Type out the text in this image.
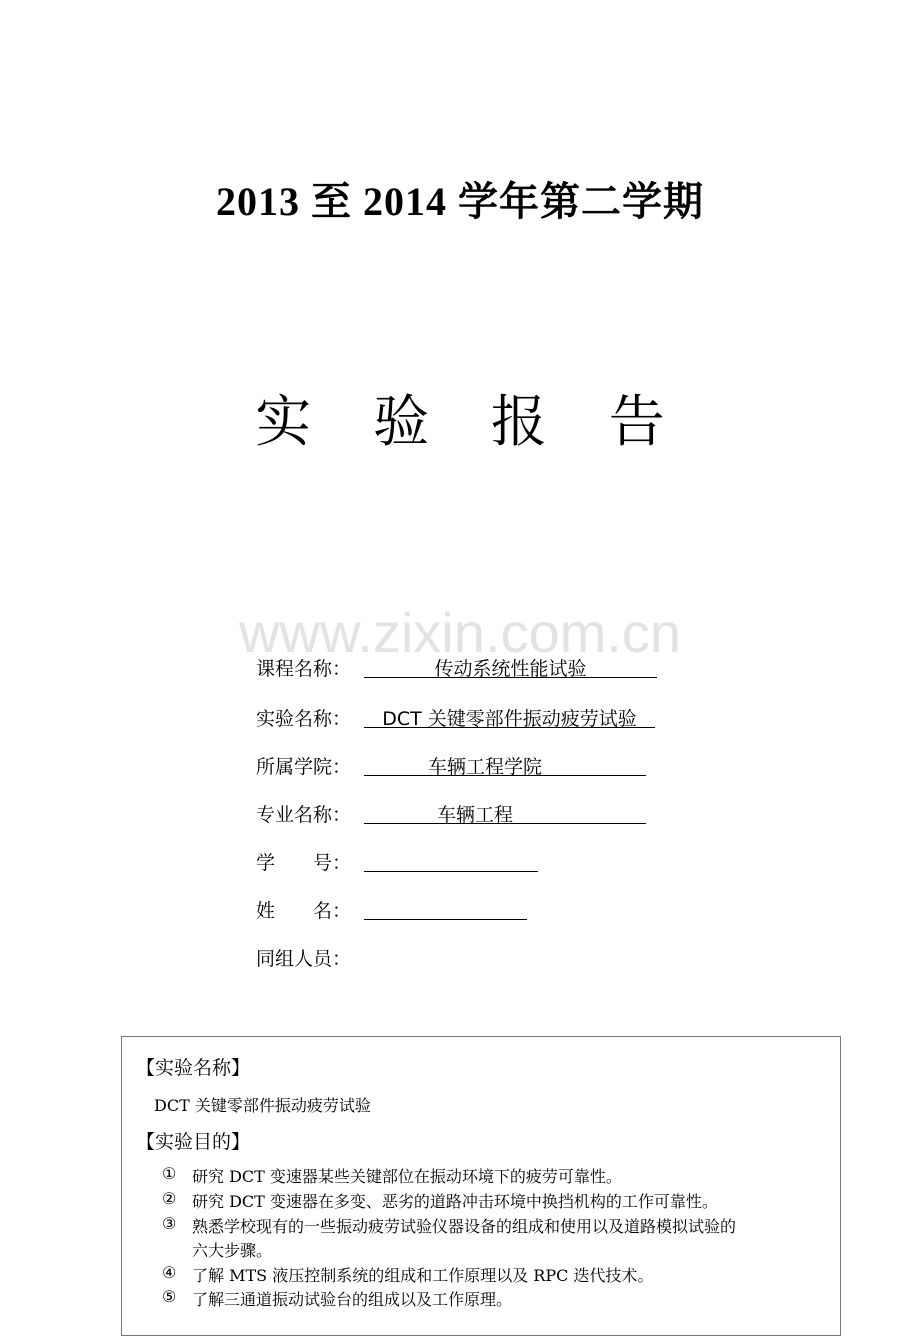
2013 至 2014 学年第二学期
实 验 报 告
www.zixin.com.cn
课程名称：	传动系统性能试验
实验名称：	DCT 关键零部件振动疲劳试验
所属学院：	车辆工程学院
专业名称：	车辆工程
学　　号：
姓　　名：
同组人员：
【实验名称】
DCT 关键零部件振动疲劳试验
【实验目的】
① 研究 DCT 变速器某些关键部位在振动环境下的疲劳可靠性。
② 研究 DCT 变速器在多变、恶劣的道路冲击环境中换挡机构的工作可靠性。
③ 熟悉学校现有的一些振动疲劳试验仪器设备的组成和使用以及道路模拟试验的
六大步骤。
④ 了解 MTS 液压控制系统的组成和工作原理以及 RPC 迭代技术。
⑤ 了解三通道振动试验台的组成以及工作原理。
